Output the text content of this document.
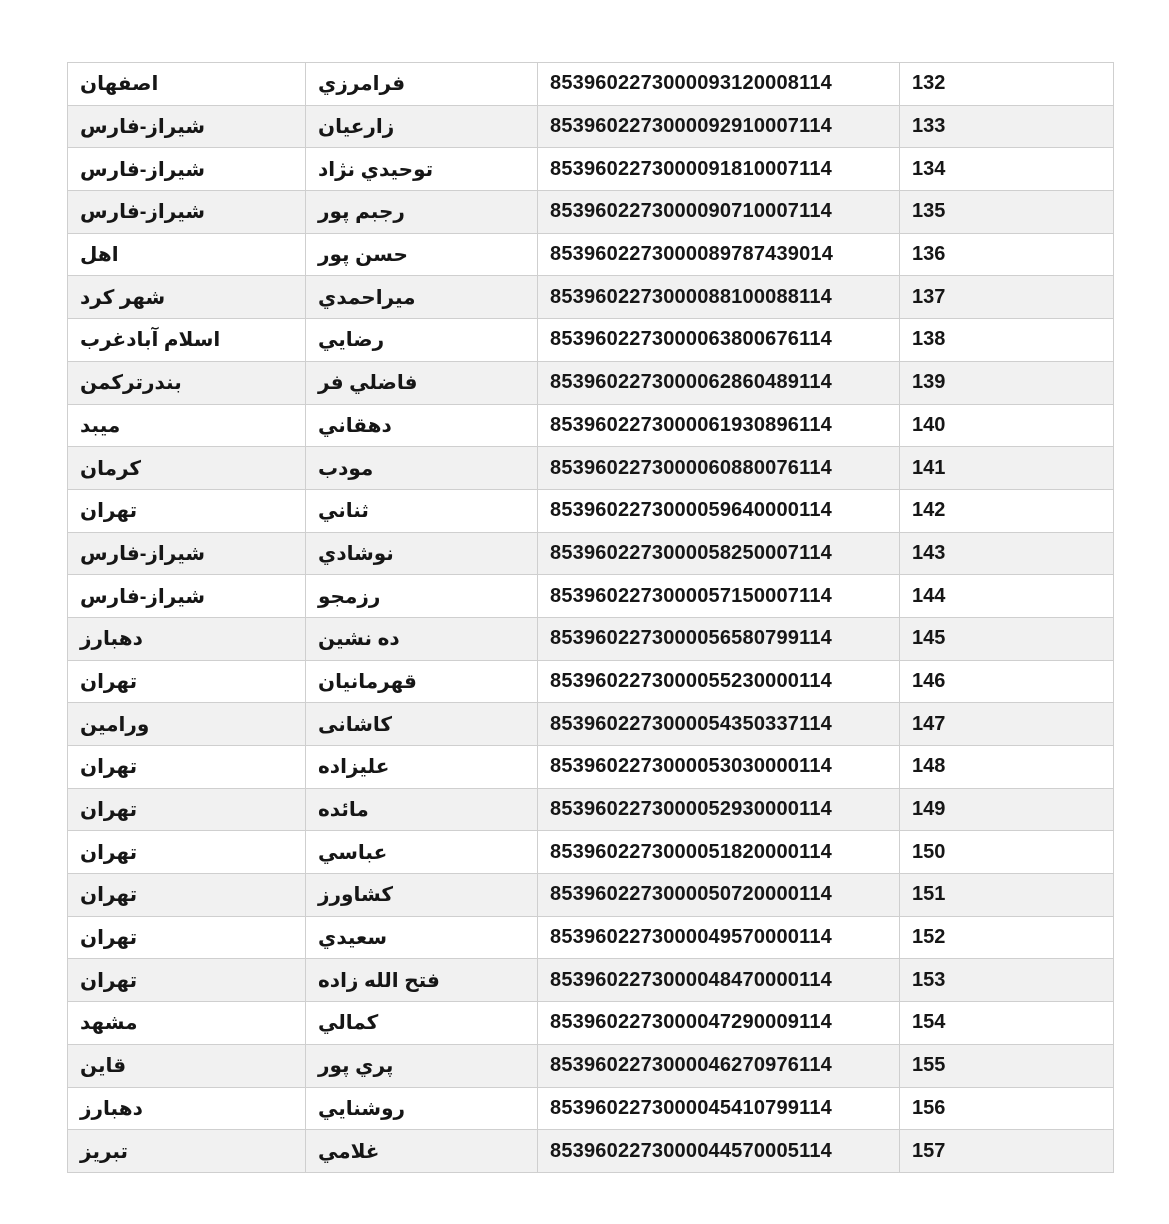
اصفهان	فرامرزي	8539602273000093120008114	132
شیراز-فارس	زارعیان	8539602273000092910007114	133
شیراز-فارس	توحیدي نژاد	8539602273000091810007114	134
شیراز-فارس	رجبم پور	8539602273000090710007114	135
اهل	حسن پور	8539602273000089787439014	136
شهر کرد	میراحمدي	8539602273000088100088114	137
اسلام آبادغرب	رضایي	8539602273000063800676114	138
بندرترکمن	فاضلي فر	8539602273000062860489114	139
میبد	دهقاني	8539602273000061930896114	140
کرمان	مودب	8539602273000060880076114	141
تهران	ثناني	8539602273000059640000114	142
شیراز-فارس	نوشادي	8539602273000058250007114	143
شیراز-فارس	رزمجو	8539602273000057150007114	144
دهبارز	ده نشین	8539602273000056580799114	145
تهران	قهرمانیان	8539602273000055230000114	146
ورامین	کاشانی	8539602273000054350337114	147
تهران	علیزاده	8539602273000053030000114	148
تهران	مائده	8539602273000052930000114	149
تهران	عباسي	8539602273000051820000114	150
تهران	کشاورز	8539602273000050720000114	151
تهران	سعیدي	8539602273000049570000114	152
تهران	فتح الله زاده	8539602273000048470000114	153
مشهد	کمالي	8539602273000047290009114	154
قاین	پري پور	8539602273000046270976114	155
دهبارز	روشنایي	8539602273000045410799114	156
تبریز	غلامي	8539602273000044570005114	157
